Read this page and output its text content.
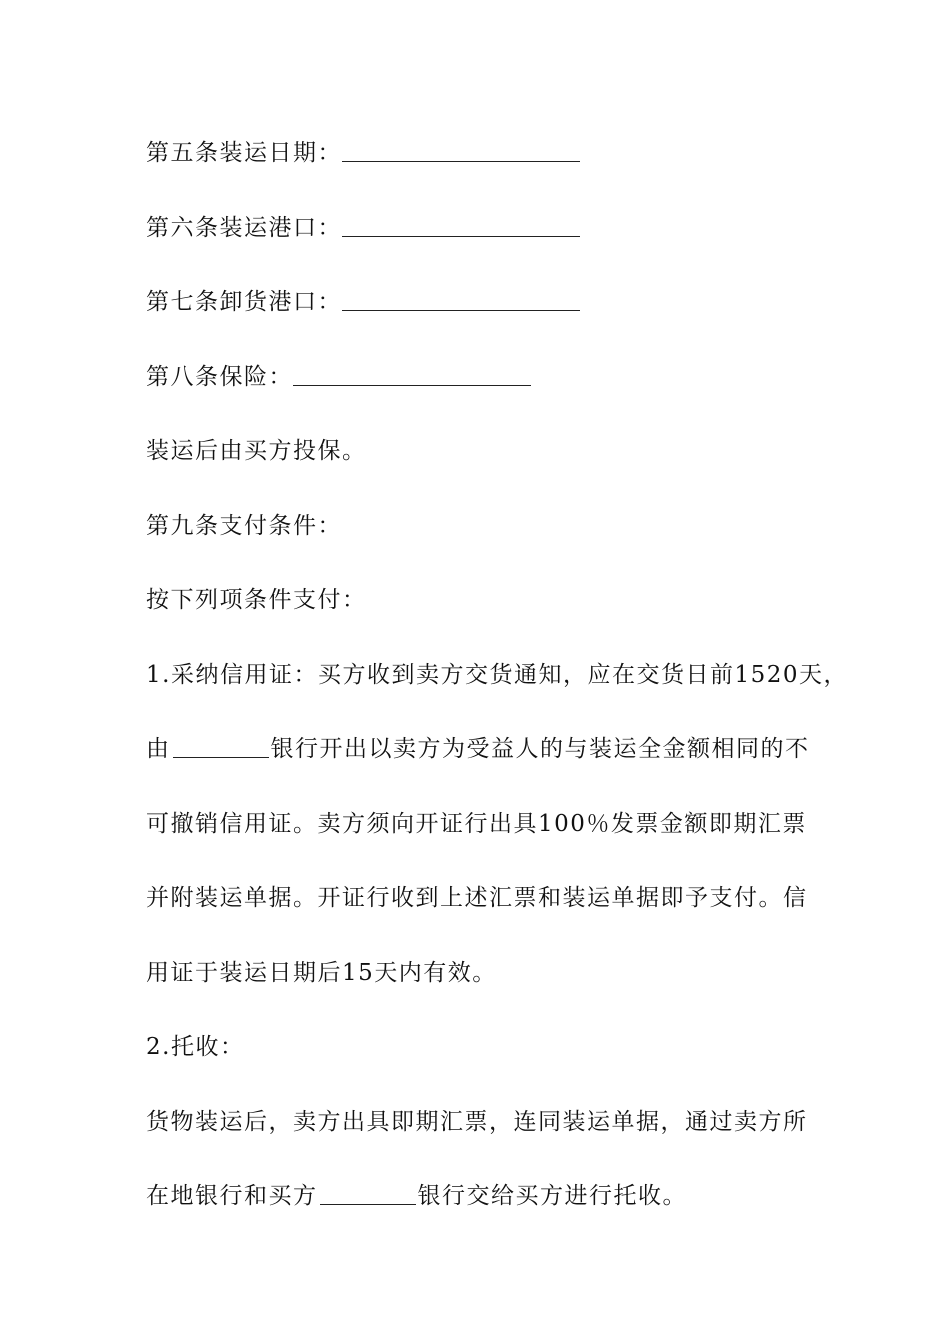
第五条装运日期：
第六条装运港口：
第七条卸货港口：
第八条保险：
装运后由买方投保。
第九条支付条件：
按下列项条件支付：
1.采纳信用证：买方收到卖方交货通知，应在交货日前1520天，
由	银行开出以卖方为受益人的与装运全金额相同的不
可撤销信用证。卖方须向开证行出具100％发票金额即期汇票
并附装运单据。开证行收到上述汇票和装运单据即予支付。信
用证于装运日期后15天内有效。
2.托收：
货物装运后，卖方出具即期汇票，连同装运单据，通过卖方所
在地银行和买方	银行交给买方进行托收。
